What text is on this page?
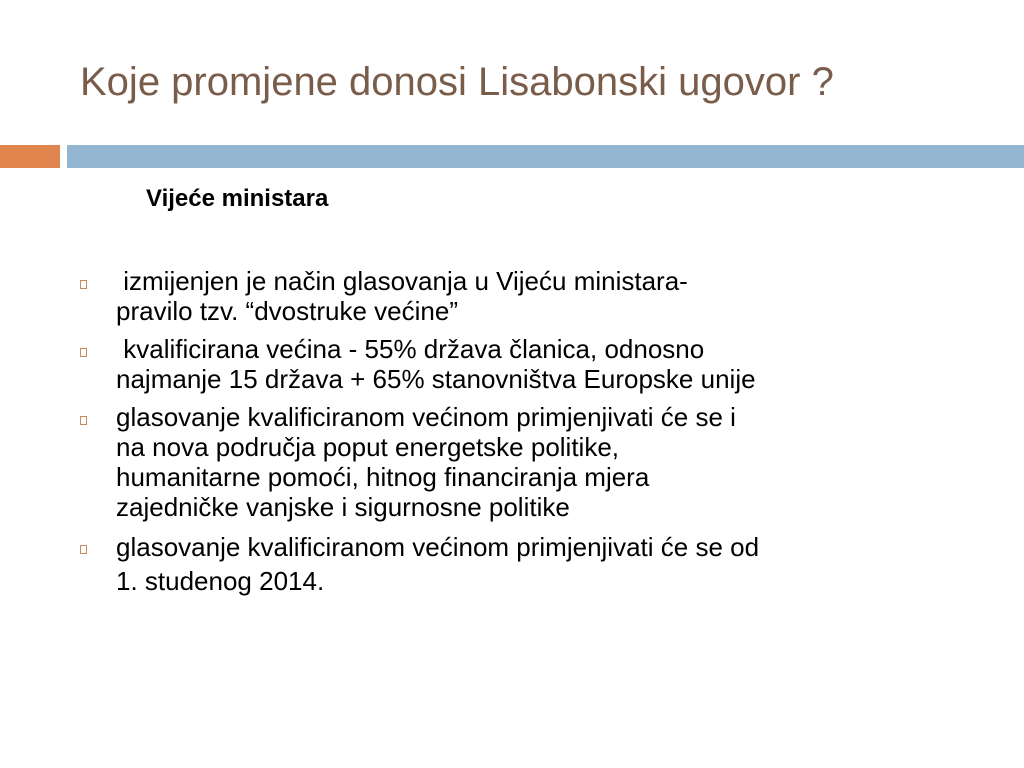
Koje promjene donosi Lisabonski ugovor ?
Vijeće ministara
izmijenjen je način glasovanja u Vijeću ministara-
pravilo tzv. “dvostruke većine”
kvalificirana većina - 55% država članica, odnosno
najmanje 15 država + 65% stanovništva Europske unije
glasovanje kvalificiranom većinom primjenjivati će se i
na nova područja poput energetske politike,
humanitarne pomoći, hitnog financiranja mjera
zajedničke vanjske i sigurnosne politike
glasovanje kvalificiranom većinom primjenjivati će se od
1. studenog 2014.
